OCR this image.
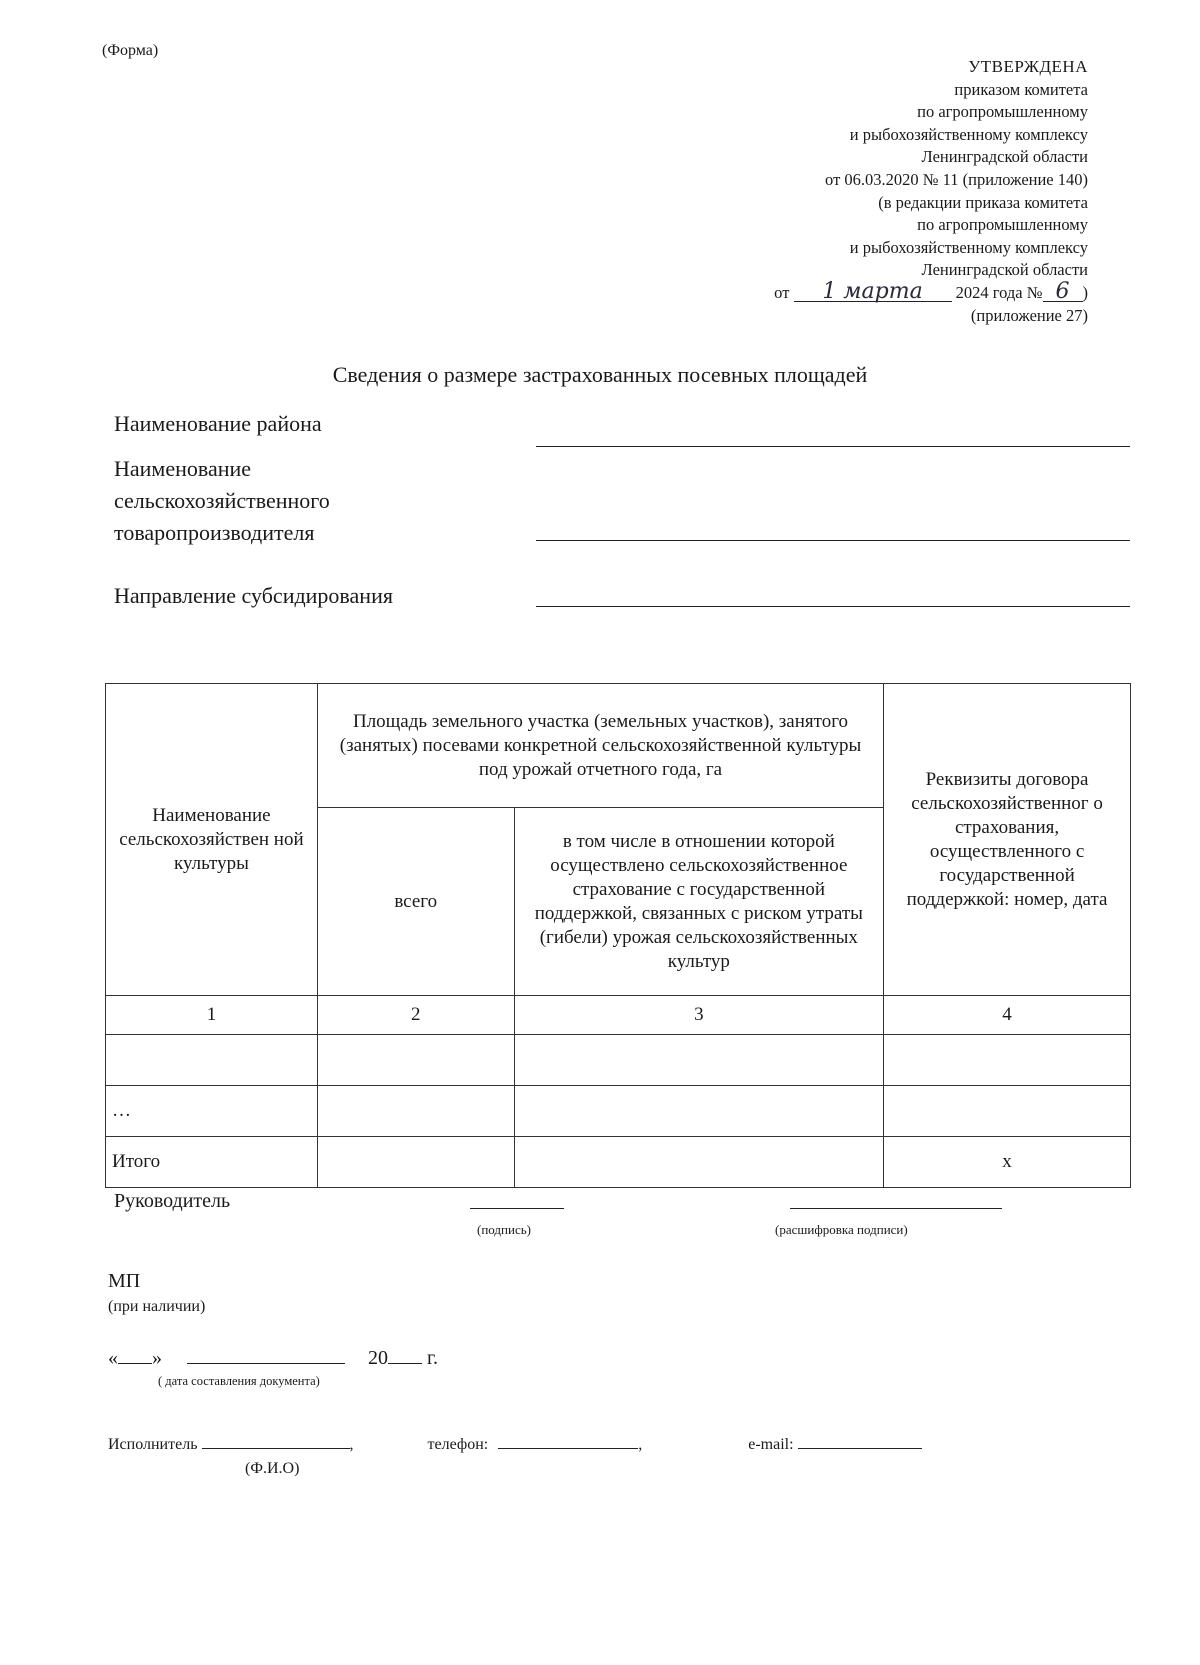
(Форма)
УТВЕРЖДЕНА
приказом комитета
по агропромышленному
и рыбохозяйственному комплексу
Ленинградской области
от 06.03.2020 № 11 (приложение 140)
(в редакции приказа комитета
по агропромышленному
и рыбохозяйственному комплексу
Ленинградской области
от 1 марта 2024 года № 6 )
(приложение 27)
Сведения о размере застрахованных посевных площадей
Наименование района
Наименование
сельскохозяйственного
товаропроизводителя
Направление субсидирования
Наименование сельскохозяйствен ной культуры	Площадь земельного участка (земельных участков), занятого (занятых) посевами конкретной сельскохозяйственной культуры под урожай отчетного года, га		Реквизиты договора сельскохозяйственног о страхования, осуществленного с государственной поддержкой: номер, дата
	всего	в том числе в отношении которой осуществлено сельскохозяйственное страхование с государственной поддержкой, связанных с риском утраты (гибели) урожая сельскохозяйственных культур	
1	2	3	4

…			
Итого			х
Руководитель
(подпись)	(расшифровка подписи)
МП
(при наличии)
« »	20 г.
( дата составления документа)
Исполнитель	,	телефон:	,	e-mail:
(Ф.И.О)
